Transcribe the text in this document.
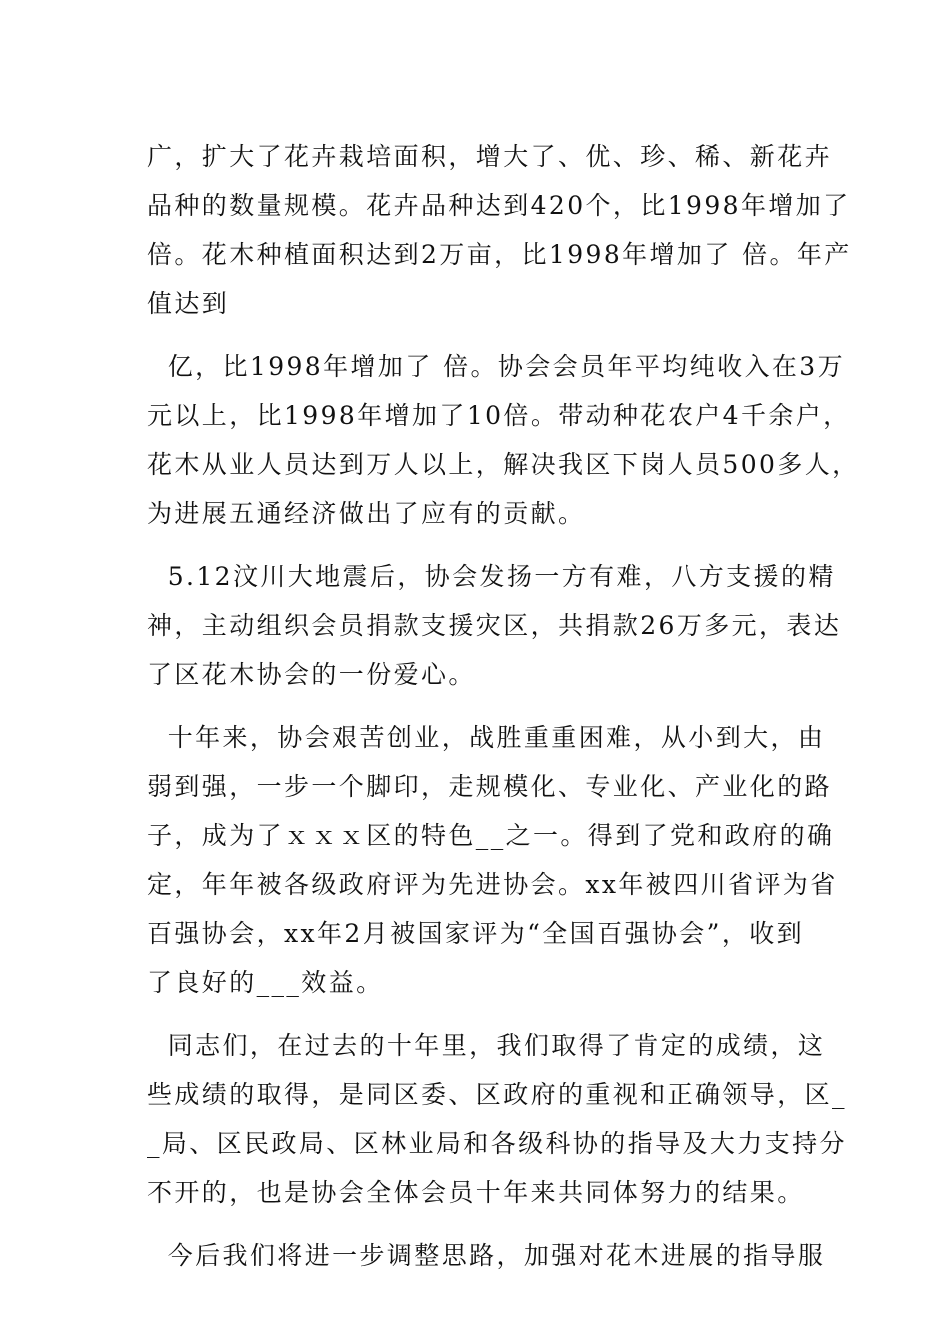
广，扩大了花卉栽培面积，增大了、优、珍、稀、新花卉
品种的数量规模。花卉品种达到420个，比1998年增加了
倍。花木种植面积达到2万亩，比1998年增加了 倍。年产
值达到

亿，比1998年增加了 倍。协会会员年平均纯收入在3万
元以上，比1998年增加了10倍。带动种花农户4千余户，
花木从业人员达到万人以上，解决我区下岗人员500多人，
为进展五通经济做出了应有的贡献。

5.12汶川大地震后，协会发扬一方有难，八方支援的精
神，主动组织会员捐款支援灾区，共捐款26万多元，表达
了区花木协会的一份爱心。

十年来，协会艰苦创业，战胜重重困难，从小到大，由
弱到强，一步一个脚印，走规模化、专业化、产业化的路
子，成为了ｘｘｘ区的特色__之一。得到了党和政府的确
定，年年被各级政府评为先进协会。xx年被四川省评为省
百强协会，xx年2月被国家评为“全国百强协会”，收到
了良好的___效益。

同志们，在过去的十年里，我们取得了肯定的成绩，这
些成绩的取得，是同区委、区政府的重视和正确领导，区_
_局、区民政局、区林业局和各级科协的指导及大力支持分
不开的，也是协会全体会员十年来共同体努力的结果。

今后我们将进一步调整思路，加强对花木进展的指导服
